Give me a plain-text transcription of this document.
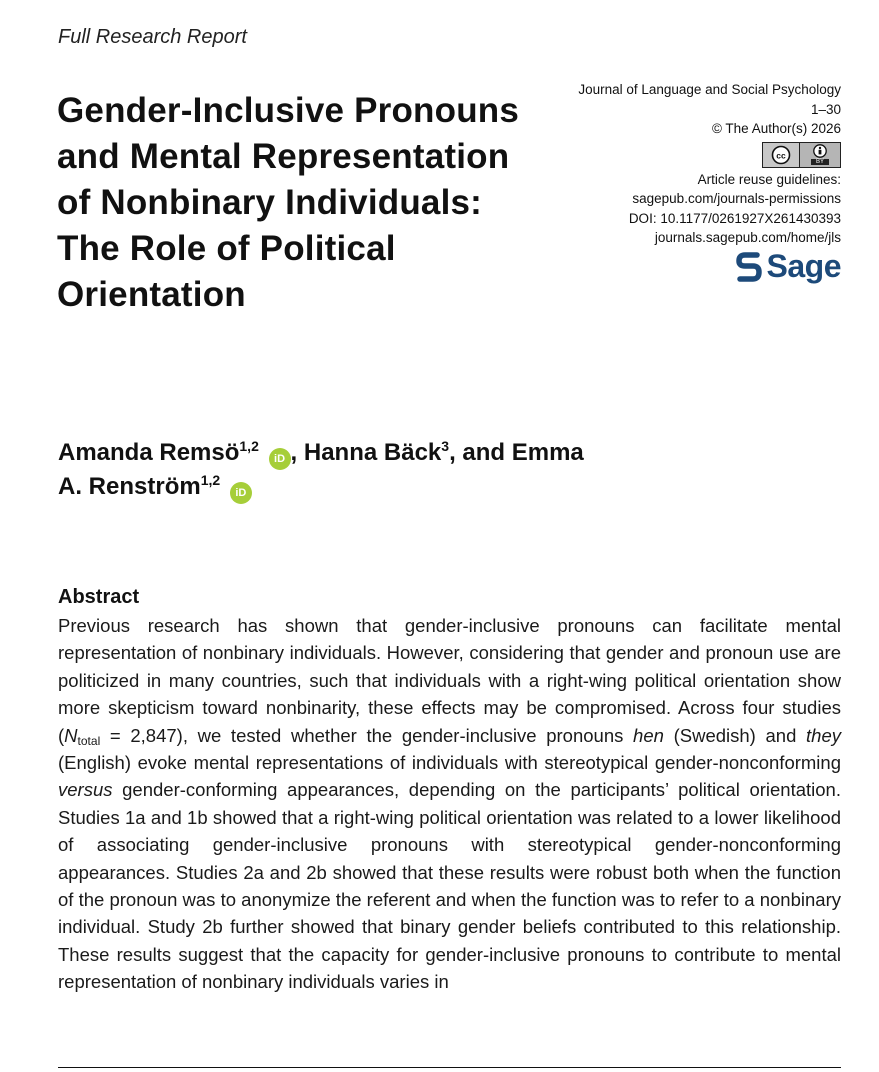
Full Research Report
Gender-Inclusive Pronouns and Mental Representation of Nonbinary Individuals: The Role of Political Orientation
Journal of Language and Social Psychology
1–30
© The Author(s) 2026
cc
BY
Article reuse guidelines:
sagepub.com/journals-permissions
DOI: 10.1177/0261927X261430393
journals.sagepub.com/home/jls
Sage
Amanda Remsö$^{1,2}$ iD , Hanna Bäck$^3$, and Emma
A. Renström$^{1,2}$ iD
Abstract

Previous research has shown that gender-inclusive pronouns can facilitate mental representation of nonbinary individuals. However, considering that gender and pronoun use are politicized in many countries, such that individuals with a right-wing political orientation show more skepticism toward nonbinarity, these effects may be compromised. Across four studies $(N_{total} = 2,847)$, we tested whether the gender-inclusive pronouns hen (Swedish) and they (English) evoke mental representations of individuals with stereotypical gender-nonconforming versus gender-conforming appearances, depending on the participants’ political orientation. Studies 1a and 1b showed that a right-wing political orientation was related to a lower likelihood of associating gender-inclusive pronouns with stereotypical gender-nonconforming appearances. Studies 2a and 2b showed that these results were robust both when the function of the pronoun was to anonymize the referent and when the function was to refer to a nonbinary individual. Study 2b further showed that binary gender beliefs contributed to this relationship. These results suggest that the capacity for gender-inclusive pronouns to contribute to mental representation of nonbinary individuals varies in
